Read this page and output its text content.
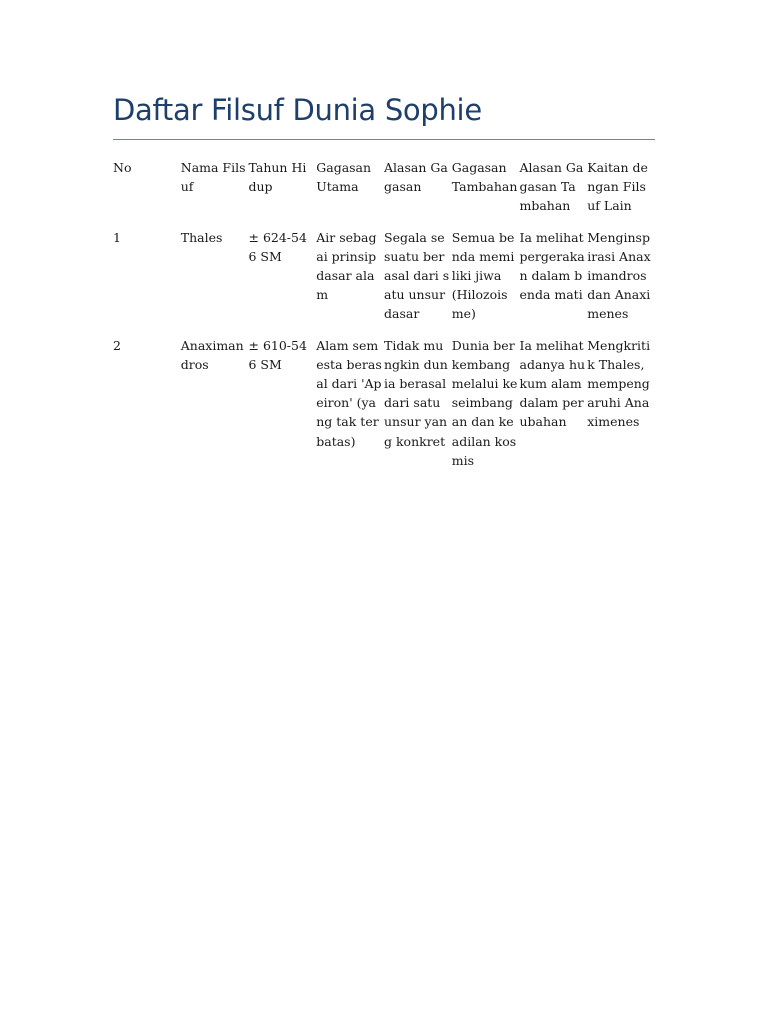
Daftar Filsuf Dunia Sophie
No	Nama Filsuf	Tahun Hidup	Gagasan Utama	Alasan Gagasan	Gagasan Tambahan	Alasan Gagasan Tambahan	Kaitan dengan Filsuf Lain
1	Thales	± 624-546 SM	Air sebagai prinsip dasar alam	Segala sesuatu berasal dari satu unsur dasar	Semua benda memiliki jiwa (Hilozoisme)	Ia melihat pergerakan dalam benda mati	Menginspirasi Anaximandros dan Anaximenes
2	Anaximandros	± 610-546 SM	Alam semesta berasal dari 'Apeiron' (yang tak terbatas)	Tidak mungkin dunia berasal dari satu unsur yang konkret	Dunia berkembang melalui keseimbangan dan keadilan kosmis	Ia melihat adanya hukum alam dalam perubahan	Mengkritik Thales, mempengaruhi Anaximenes
